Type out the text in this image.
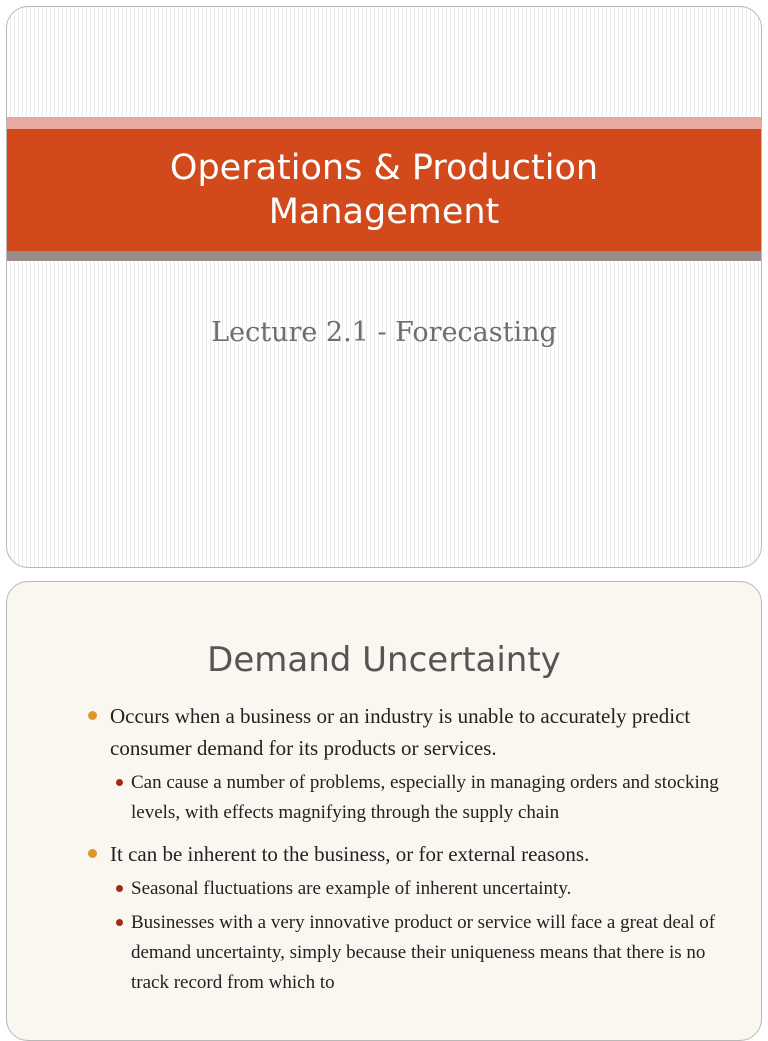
Operations & Production
Management
Lecture 2.1 - Forecasting
Demand Uncertainty
Occurs when a business or an industry is unable to accurately predict consumer demand for its products or services.
Can cause a number of problems, especially in managing orders and stocking levels, with effects magnifying through the supply chain
It can be inherent to the business, or for external reasons.
Seasonal fluctuations are example of inherent uncertainty.
Businesses with a very innovative product or service will face a great deal of demand uncertainty, simply because their uniqueness means that there is no track record from which to
